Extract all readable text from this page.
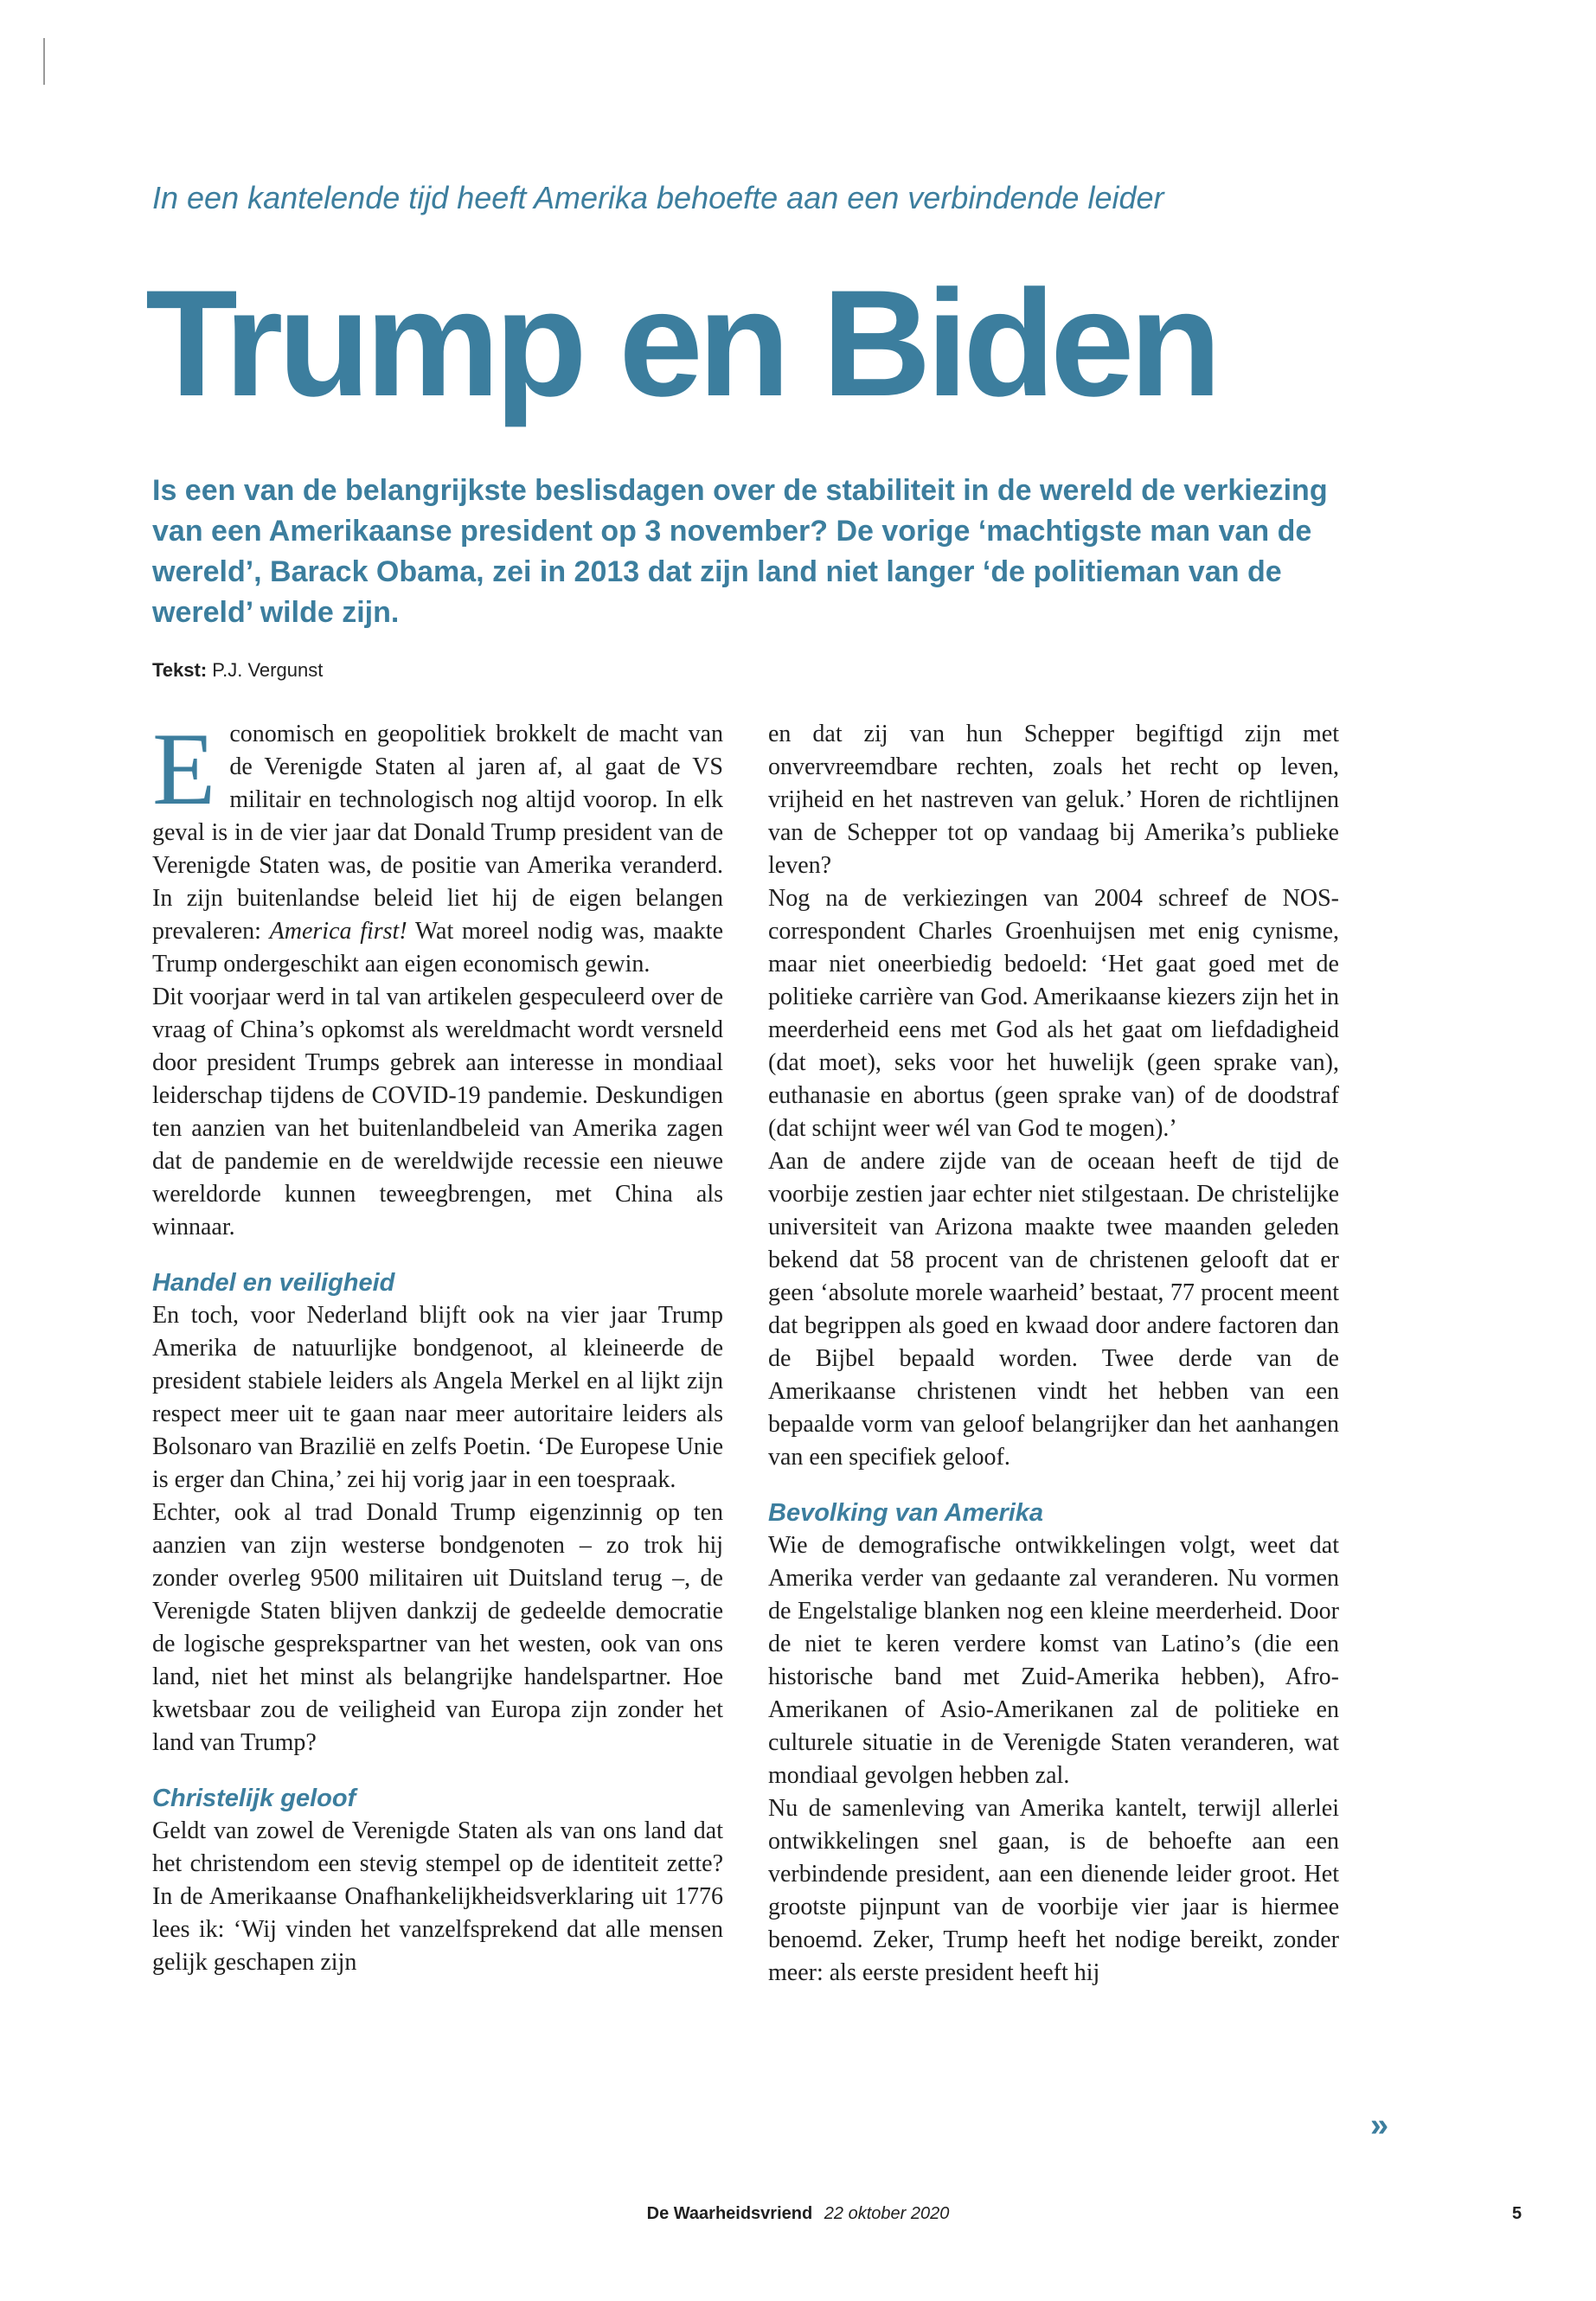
In een kantelende tijd heeft Amerika behoefte aan een verbindende leider
Trump en Biden
Is een van de belangrijkste beslisdagen over de stabiliteit in de wereld de verkiezing van een Amerikaanse president op 3 november? De vorige ‘machtigste man van de wereld’, Barack Obama, zei in 2013 dat zijn land niet langer ‘de politieman van de wereld’ wilde zijn.
Tekst: P.J. Vergunst

Economisch en geopolitiek brokkelt de macht van de Verenigde Staten al jaren af, al gaat de VS militair en technologisch nog altijd voorop. In elk geval is in de vier jaar dat Donald Trump president van de Verenigde Staten was, de positie van Amerika veranderd. In zijn buitenlandse beleid liet hij de eigen belangen prevaleren: America first! Wat moreel nodig was, maakte Trump ondergeschikt aan eigen economisch gewin.

Dit voorjaar werd in tal van artikelen gespeculeerd over de vraag of China’s opkomst als wereldmacht wordt versneld door president Trumps gebrek aan interesse in mondiaal leiderschap tijdens de COVID-19 pandemie. Deskundigen ten aanzien van het buitenlandbeleid van Amerika zagen dat de pandemie en de wereldwijde recessie een nieuwe wereldorde kunnen teweegbrengen, met China als winnaar.

Handel en veiligheid

En toch, voor Nederland blijft ook na vier jaar Trump Amerika de natuurlijke bondgenoot, al kleineerde de president stabiele leiders als Angela Merkel en al lijkt zijn respect meer uit te gaan naar meer autoritaire leiders als Bolsonaro van Brazilië en zelfs Poetin. ‘De Europese Unie is erger dan China,’ zei hij vorig jaar in een toespraak.

Echter, ook al trad Donald Trump eigenzinnig op ten aanzien van zijn westerse bondgenoten – zo trok hij zonder overleg 9500 militairen uit Duitsland terug –, de Verenigde Staten blijven dankzij de gedeelde democratie de logische gesprekspartner van het westen, ook van ons land, niet het minst als belangrijke handelspartner. Hoe kwetsbaar zou de veiligheid van Europa zijn zonder het land van Trump?

Christelijk geloof

Geldt van zowel de Verenigde Staten als van ons land dat het christendom een stevig stempel op de identiteit zette? In de Amerikaanse Onafhankelijkheidsverklaring uit 1776 lees ik: ‘Wij vinden het vanzelfsprekend dat alle mensen gelijk geschapen zijn

en dat zij van hun Schepper begiftigd zijn met onvervreemdbare rechten, zoals het recht op leven, vrijheid en het nastreven van geluk.’ Horen de richtlijnen van de Schepper tot op vandaag bij Amerika’s publieke leven?

Nog na de verkiezingen van 2004 schreef de NOS-correspondent Charles Groenhuijsen met enig cynisme, maar niet oneerbiedig bedoeld: ‘Het gaat goed met de politieke carrière van God. Amerikaanse kiezers zijn het in meerderheid eens met God als het gaat om liefdadigheid (dat moet), seks voor het huwelijk (geen sprake van), euthanasie en abortus (geen sprake van) of de doodstraf (dat schijnt weer wél van God te mogen).’

Aan de andere zijde van de oceaan heeft de tijd de voorbije zestien jaar echter niet stilgestaan. De christelijke universiteit van Arizona maakte twee maanden geleden bekend dat 58 procent van de christenen gelooft dat er geen ‘absolute morele waarheid’ bestaat, 77 procent meent dat begrippen als goed en kwaad door andere factoren dan de Bijbel bepaald worden. Twee derde van de Amerikaanse christenen vindt het hebben van een bepaalde vorm van geloof belangrijker dan het aanhangen van een specifiek geloof.

Bevolking van Amerika

Wie de demografische ontwikkelingen volgt, weet dat Amerika verder van gedaante zal veranderen. Nu vormen de Engelstalige blanken nog een kleine meerderheid. Door de niet te keren verdere komst van Latino’s (die een historische band met Zuid-Amerika hebben), Afro-Amerikanen of Asio-Amerikanen zal de politieke en culturele situatie in de Verenigde Staten veranderen, wat mondiaal gevolgen hebben zal.

Nu de samenleving van Amerika kantelt, terwijl allerlei ontwikkelingen snel gaan, is de behoefte aan een verbindende president, aan een dienende leider groot. Het grootste pijnpunt van de voorbije vier jaar is hiermee benoemd. Zeker, Trump heeft het nodige bereikt, zonder meer: als eerste president heeft hij

»
De Waarheidsvriend 22 oktober 2020	5
